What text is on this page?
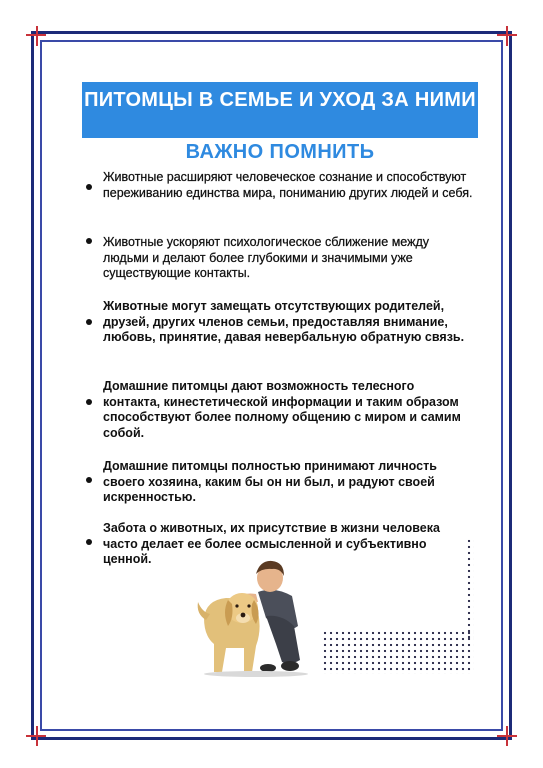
ПИТОМЦЫ В СЕМЬЕ И УХОД ЗА НИМИ
ВАЖНО ПОМНИТЬ
Животные расширяют человеческое сознание и способствуют переживанию единства мира, пониманию других людей и себя.
Животные ускоряют психологическое сближение между людьми и делают более глубокими и значимыми уже существующие контакты.
Животные могут замещать отсутствующих родителей, друзей, других членов семьи, предоставляя внимание, любовь, принятие, давая невербальную обратную связь.
Домашние питомцы дают возможность телесного контакта, кинестетической информации и таким образом способствуют более полному общению с миром и самим собой.
Домашние питомцы полностью принимают личность своего хозяина, каким бы он ни был, и радуют своей искренностью.
Забота о животных, их присутствие в жизни человека часто делает ее более осмысленной и субъективно ценной.
